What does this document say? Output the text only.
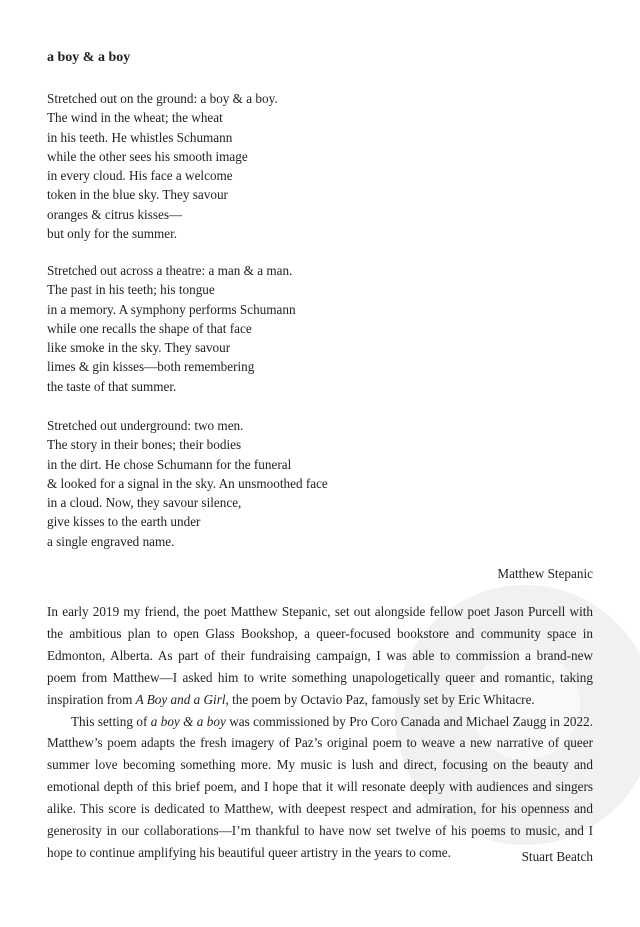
a boy & a boy
Stretched out on the ground: a boy & a boy.
The wind in the wheat; the wheat
in his teeth. He whistles Schumann
while the other sees his smooth image
in every cloud. His face a welcome
token in the blue sky. They savour
oranges & citrus kisses—
but only for the summer.
Stretched out across a theatre: a man & a man.
The past in his teeth; his tongue
in a memory. A symphony performs Schumann
while one recalls the shape of that face
like smoke in the sky. They savour
limes & gin kisses—both remembering
the taste of that summer.
Stretched out underground: two men.
The story in their bones; their bodies
in the dirt. He chose Schumann for the funeral
& looked for a signal in the sky. An unsmoothed face
in a cloud. Now, they savour silence,
give kisses to the earth under
a single engraved name.
Matthew Stepanic

In early 2019 my friend, the poet Matthew Stepanic, set out alongside fellow poet Jason Purcell with the ambitious plan to open Glass Bookshop, a queer-focused bookstore and community space in Edmonton, Alberta. As part of their fundraising campaign, I was able to commission a brand-new poem from Matthew—I asked him to write something unapologetically queer and romantic, taking inspiration from A Boy and a Girl, the poem by Octavio Paz, famously set by Eric Whitacre.

This setting of a boy & a boy was commissioned by Pro Coro Canada and Michael Zaugg in 2022. Matthew’s poem adapts the fresh imagery of Paz’s original poem to weave a new narrative of queer summer love becoming something more. My music is lush and direct, focusing on the beauty and emotional depth of this brief poem, and I hope that it will resonate deeply with audiences and singers alike. This score is dedicated to Matthew, with deepest respect and admiration, for his openness and generosity in our collaborations—I’m thankful to have now set twelve of his poems to music, and I hope to continue amplifying his beautiful queer artistry in the years to come.	Stuart Beatch
